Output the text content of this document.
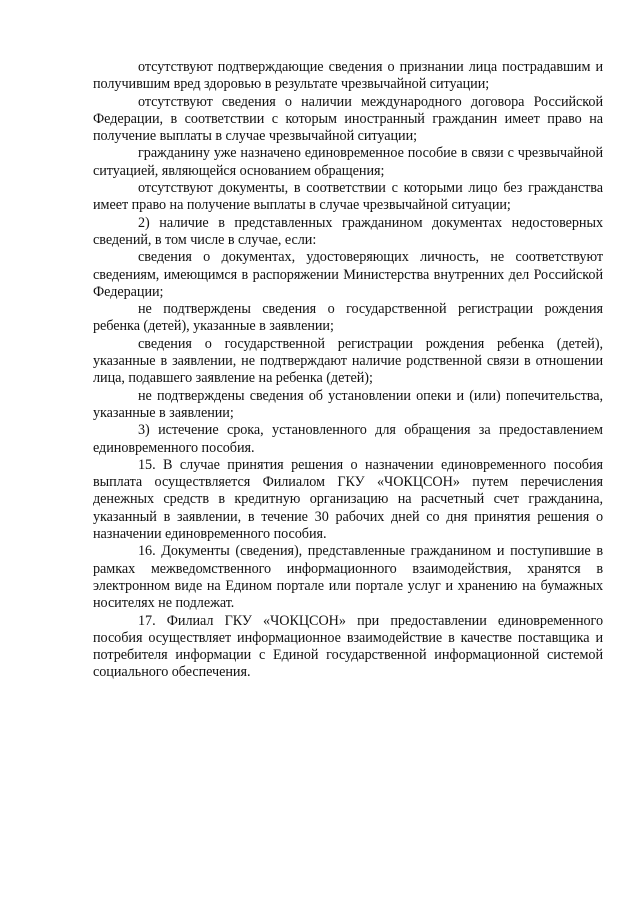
отсутствуют подтверждающие сведения о признании лица пострадавшим и получившим вред здоровью в результате чрезвычайной ситуации;

отсутствуют сведения о наличии международного договора Российской Федерации, в соответствии с которым иностранный гражданин имеет право на получение выплаты в случае чрезвычайной ситуации;

гражданину уже назначено единовременное пособие в связи с чрезвычайной ситуацией, являющейся основанием обращения;

отсутствуют документы, в соответствии с которыми лицо без гражданства имеет право на получение выплаты в случае чрезвычайной ситуации;

2) наличие в представленных гражданином документах недостоверных сведений, в том числе в случае, если:

сведения о документах, удостоверяющих личность, не соответствуют сведениям, имеющимся в распоряжении Министерства внутренних дел Российской Федерации;

не подтверждены сведения о государственной регистрации рождения ребенка (детей), указанные в заявлении;

сведения о государственной регистрации рождения ребенка (детей), указанные в заявлении, не подтверждают наличие родственной связи в отношении лица, подавшего заявление на ребенка (детей);

не подтверждены сведения об установлении опеки и (или) попечительства, указанные в заявлении;

3) истечение срока, установленного для обращения за предоставлением единовременного пособия.

15. В случае принятия решения о назначении единовременного пособия выплата осуществляется Филиалом ГКУ «ЧОКЦСОН» путем перечисления денежных средств в кредитную организацию на расчетный счет гражданина, указанный в заявлении, в течение 30 рабочих дней со дня принятия решения о назначении единовременного пособия.

16. Документы (сведения), представленные гражданином и поступившие в рамках межведомственного информационного взаимодействия, хранятся в электронном виде на Едином портале или портале услуг и хранению на бумажных носителях не подлежат.

17. Филиал ГКУ «ЧОКЦСОН» при предоставлении единовременного пособия осуществляет информационное взаимодействие в качестве поставщика и потребителя информации с Единой государственной информационной системой социального обеспечения.
